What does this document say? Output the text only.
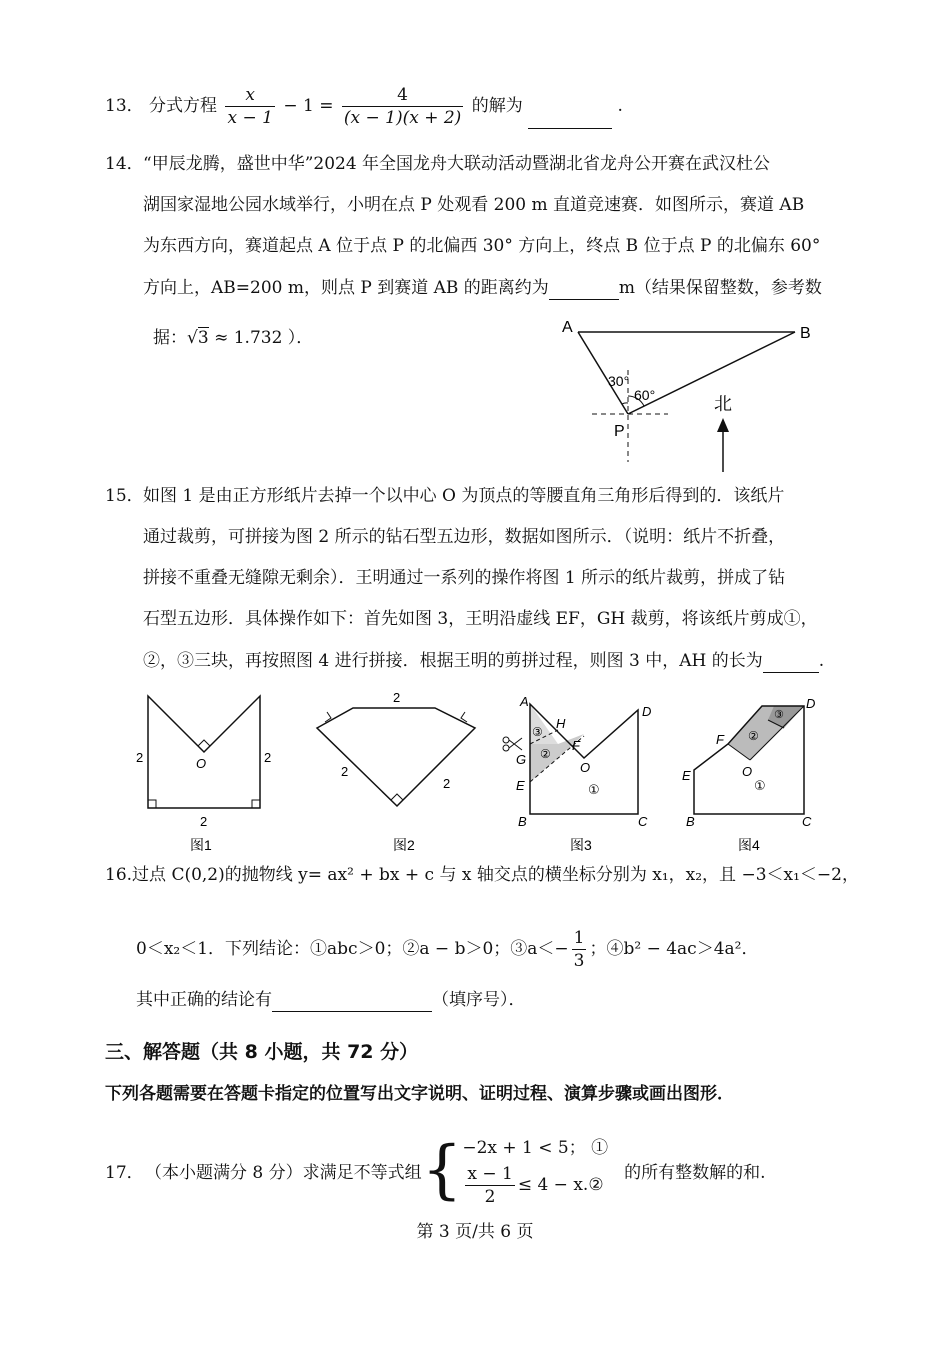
13． 分式方程 $\frac{x}{x - 1} - 1 = \frac{4}{(x - 1)(x + 2)}$ 的解为	.
14．“甲辰龙腾，盛世中华”2024 年全国龙舟大联动活动暨湖北省龙舟公开赛在武汉杜公
湖国家湿地公园水域举行，小明在点 P 处观看 200 m 直道竞速赛．如图所示，赛道 AB
为东西方向，赛道起点 A 位于点 P 的北偏西 30° 方向上，终点 B 位于点 P 的北偏东 60°
方向上，AB=200 m，则点 P 到赛道 AB 的距离约为	m（结果保留整数，参考数
据：√3 ≈ 1.732 ）．
A	B
P
30°
60°	北
15．如图 1 是由正方形纸片去掉一个以中心 O 为顶点的等腰直角三角形后得到的．该纸片
通过裁剪，可拼接为图 2 所示的钻石型五边形，数据如图所示．（说明：纸片不折叠，
拼接不重叠无缝隙无剩余）．王明通过一系列的操作将图 1 所示的纸片裁剪，拼成了钻
石型五边形．具体操作如下：首先如图 3，王明沿虚线 EF，GH 裁剪，将该纸片剪成①，
②，③三块，再按照图 4 进行拼接．根据王明的剪拼过程，则图 3 中，AH 的长为	.
O
2	2
2
图1
2
2
2
图2
A
H
F
O
D
G
E
B	C
③
②
①
图3
F
O
D
E
B	C
③
②
①
图4
16.过点 C(0,2)的抛物线 y= ax² + bx + c 与 x 轴交点的横坐标分别为 x₁，x₂，且 −3＜x₁＜−2，
0＜x₂＜1．下列结论：①abc＞0；②a − b＞0；③a＜− $\frac{1}{3}$ ；④b² − 4ac＞4a²．
其中正确的结论有	（填序号）．
三、解答题（共 8 小题，共 72 分）
下列各题需要在答题卡指定的位置写出文字说明、证明过程、演算步骤或画出图形．
17． （本小题满分 8 分）求满足不等式组 { −2x + 1 < 5； ①
$\frac{x - 1}{2} \le 4$ − x.②
的所有整数解的和.
第 3 页/共 6 页
